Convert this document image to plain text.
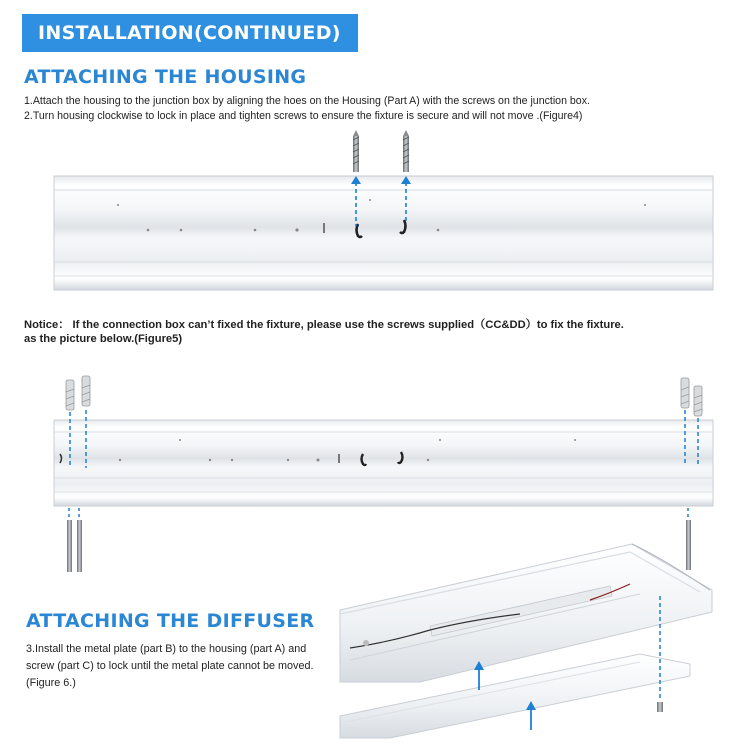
INSTALLATION(CONTINUED)
ATTACHING THE HOUSING
1.Attach the housing to the junction box by aligning the hoes on the Housing (Part A) with the screws on the junction box.
2.Turn housing clockwise to lock in place and tighten screws to ensure the fixture is secure and will not move .(Figure4)
Notice： If the connection box can’t fixed the fixture, please use the screws supplied（CC&DD）to fix the fixture.
as the picture below.(Figure5)
ATTACHING THE DIFFUSER
3.Install the metal plate (part B) to the housing (part A) and screw (part C) to lock until the metal plate cannot be moved. (Figure 6.)
